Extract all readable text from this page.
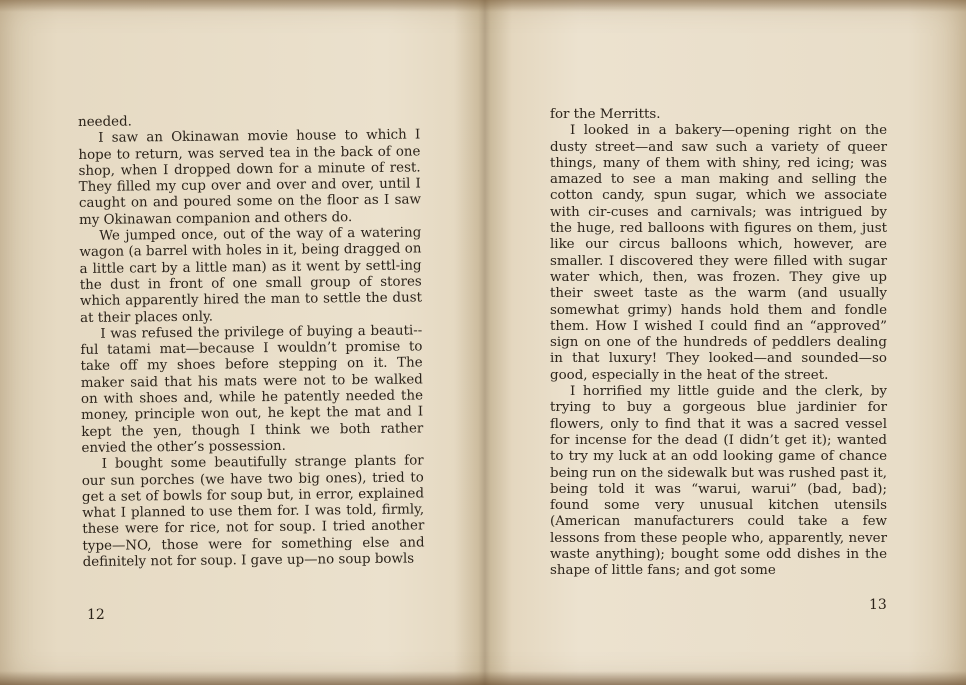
needed.

I saw an Okinawan movie house to which I hope to return, was served tea in the back of one shop, when I dropped down for a minute of rest. They filled my cup over and over and over, until I caught on and poured some on the floor as I saw my Okinawan companion and others do.

We jumped once, out of the way of a watering wagon (a barrel with holes in it, being dragged on a little cart by a little man) as it went by settl-ing the dust in front of one small group of stores which apparently hired the man to settle the dust at their places only.

I was refused the privilege of buying a beauti-ful tatami mat—because I wouldn’t promise to take off my shoes before stepping on it. The maker said that his mats were not to be walked on with shoes and, while he patently needed the money, principle won out, he kept the mat and I kept the yen, though I think we both rather envied the other’s possession.

I bought some beautifully strange plants for our sun porches (we have two big ones), tried to get a set of bowls for soup but, in error, explained what I planned to use them for. I was told, firmly, these were for rice, not for soup. I tried another type—NO, those were for something else and definitely not for soup. I gave up—no soup bowls

12

for the Merritts.

I looked in a bakery—opening right on the dusty street—and saw such a variety of queer things, many of them with shiny, red icing; was amazed to see a man making and selling the cotton candy, spun sugar, which we associate with cir-cuses and carnivals; was intrigued by the huge, red balloons with figures on them, just like our circus balloons which, however, are smaller. I discovered they were filled with sugar water which, then, was frozen. They give up their sweet taste as the warm (and usually somewhat grimy) hands hold them and fondle them. How I wished I could find an “approved” sign on one of the hundreds of peddlers dealing in that luxury! They looked—and sounded—so good, especially in the heat of the street.

I horrified my little guide and the clerk, by trying to buy a gorgeous blue jardinier for flowers, only to find that it was a sacred vessel for incense for the dead (I didn’t get it); wanted to try my luck at an odd looking game of chance being run on the sidewalk but was rushed past it, being told it was “warui, warui” (bad, bad); found some very unusual kitchen utensils (American manufacturers could take a few lessons from these people who, apparently, never waste anything); bought some odd dishes in the shape of little fans; and got some

13
